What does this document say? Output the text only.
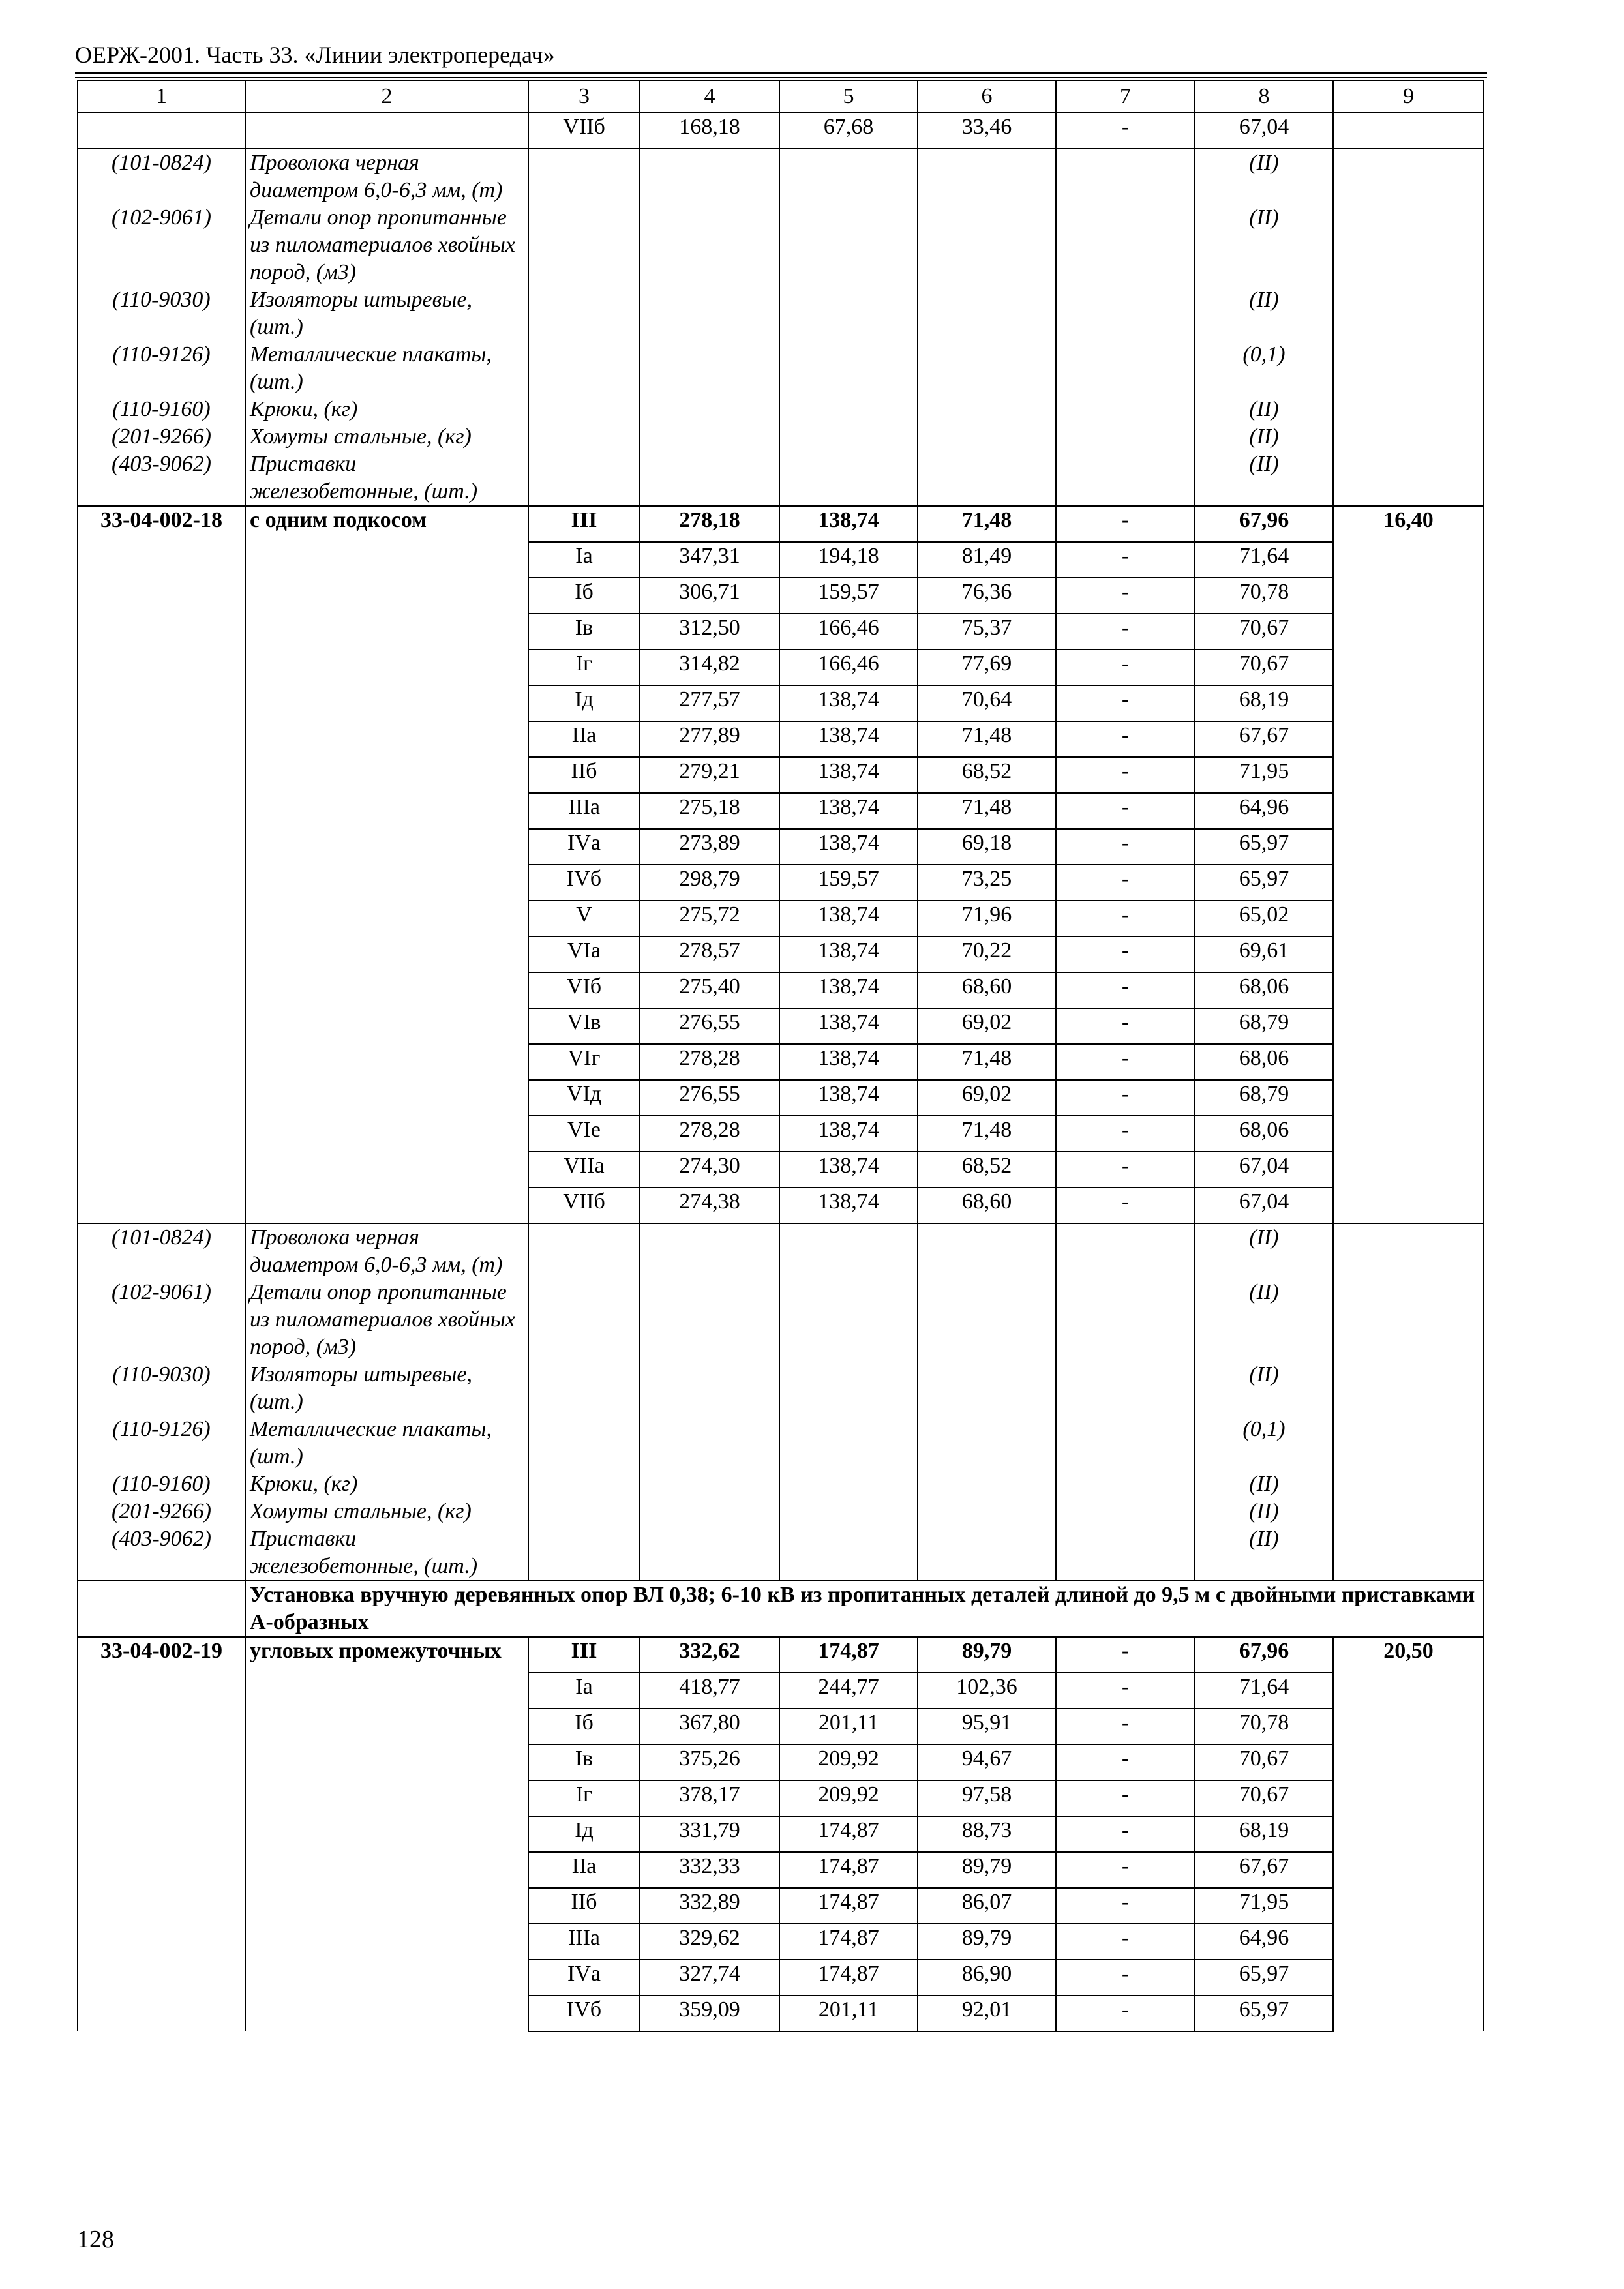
ОЕРЖ-2001. Часть 33. «Линии электропередач»
1	2	3	4	5	6	7	8	9
		VIIб	168,18	67,68	33,46	-	67,04	
(101-0824)	Проволока черная диаметром 6,0-6,3 мм, (т)						(II)	
(102-9061)	Детали опор пропитанные из пиломатериалов хвойных пород, (м3)						(II)	
(110-9030)	Изоляторы штыревые, (шт.)						(II)	
(110-9126)	Металлические плакаты, (шт.)						(0,1)	
(110-9160)	Крюки, (кг)						(II)	
(201-9266)	Хомуты стальные, (кг)						(II)	
(403-9062)	Приставки железобетонные, (шт.)						(II)	
33-04-002-18	с одним подкосом	III	278,18	138,74	71,48	-	67,96	16,40
		Iа	347,31	194,18	81,49	-	71,64	
		Iб	306,71	159,57	76,36	-	70,78	
		Iв	312,50	166,46	75,37	-	70,67	
		Iг	314,82	166,46	77,69	-	70,67	
		Iд	277,57	138,74	70,64	-	68,19	
		IIа	277,89	138,74	71,48	-	67,67	
		IIб	279,21	138,74	68,52	-	71,95	
		IIIа	275,18	138,74	71,48	-	64,96	
		IVа	273,89	138,74	69,18	-	65,97	
		IVб	298,79	159,57	73,25	-	65,97	
		V	275,72	138,74	71,96	-	65,02	
		VIа	278,57	138,74	70,22	-	69,61	
		VIб	275,40	138,74	68,60	-	68,06	
		VIв	276,55	138,74	69,02	-	68,79	
		VIг	278,28	138,74	71,48	-	68,06	
		VIд	276,55	138,74	69,02	-	68,79	
		VIе	278,28	138,74	71,48	-	68,06	
		VIIа	274,30	138,74	68,52	-	67,04	
		VIIб	274,38	138,74	68,60	-	67,04	
(101-0824)	Проволока черная диаметром 6,0-6,3 мм, (т)						(II)	
(102-9061)	Детали опор пропитанные из пиломатериалов хвойных пород, (м3)						(II)	
(110-9030)	Изоляторы штыревые, (шт.)						(II)	
(110-9126)	Металлические плакаты, (шт.)						(0,1)	
(110-9160)	Крюки, (кг)						(II)	
(201-9266)	Хомуты стальные, (кг)						(II)	
(403-9062)	Приставки железобетонные, (шт.)						(II)	
	Установка вручную деревянных опор ВЛ 0,38; 6-10 кВ из пропитанных деталей длиной до 9,5 м с двойными приставками А-образных							
33-04-002-19	угловых промежуточных	III	332,62	174,87	89,79	-	67,96	20,50
		Iа	418,77	244,77	102,36	-	71,64	
		Iб	367,80	201,11	95,91	-	70,78	
		Iв	375,26	209,92	94,67	-	70,67	
		Iг	378,17	209,92	97,58	-	70,67	
		Iд	331,79	174,87	88,73	-	68,19	
		IIа	332,33	174,87	89,79	-	67,67	
		IIб	332,89	174,87	86,07	-	71,95	
		IIIа	329,62	174,87	89,79	-	64,96	
		IVа	327,74	174,87	86,90	-	65,97	
		IVб	359,09	201,11	92,01	-	65,97	
128
